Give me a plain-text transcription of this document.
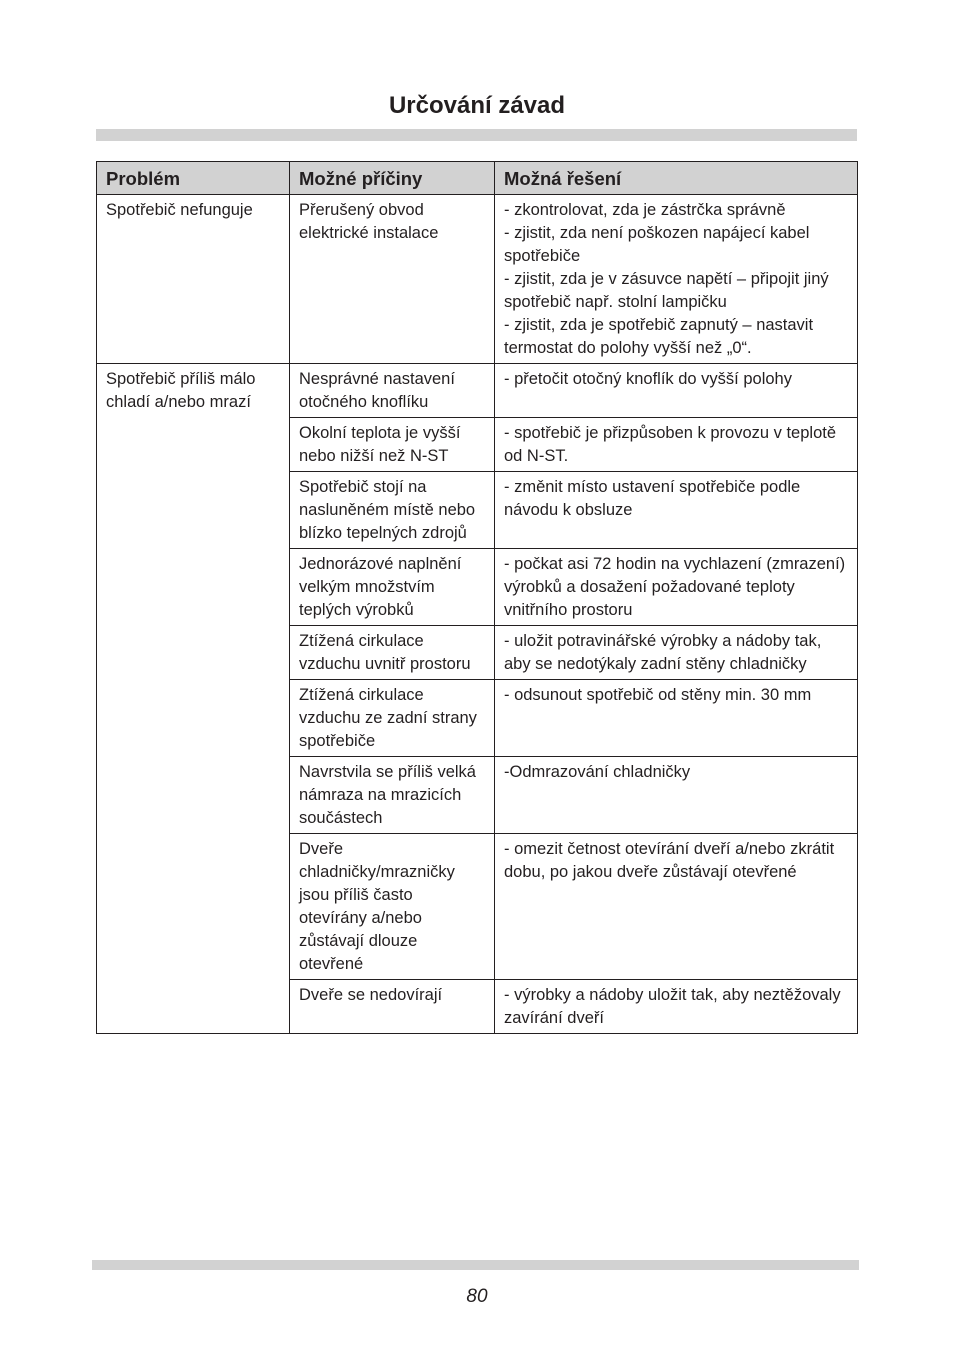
Určování závad
Problém	Možné příčiny	Možná řešení
Spotřebič nefunguje	Přerušený obvod elektrické instalace	- zkontrolovat, zda je zástrčka správně
- zjistit, zda není poškozen napájecí kabel spotřebiče
- zjistit, zda je v zásuvce napětí – připojit jiný spotřebič např. stolní lampičku
- zjistit, zda je spotřebič zapnutý – nastavit termostat do polohy vyšší než „0“.

Spotřebič příliš málo chladí a/nebo mrazí	Nesprávné nastavení otočného knoflíku	- přetočit otočný knoflík do vyšší polohy
	Okolní teplota je vyšší nebo nižší než N-ST	- spotřebič je přizpůsoben k provozu v teplotě od N-ST.
	Spotřebič stojí na nasluněném místě nebo blízko tepelných zdrojů	- změnit místo ustavení spotřebiče podle návodu k obsluze
	Jednorázové naplnění velkým množstvím teplých výrobků	- počkat asi 72 hodin na vychlazení (zmrazení) výrobků a dosažení požadované teploty vnitřního prostoru
	Ztížená cirkulace vzduchu uvnitř prostoru	- uložit potravinářské výrobky a nádoby tak, aby se nedotýkaly zadní stěny chladničky
	Ztížená cirkulace vzduchu ze zadní strany spotřebiče	- odsunout spotřebič od stěny min. 30 mm
	Navrstvila se příliš velká námraza na mrazicích součástech	-Odmrazování chladničky
	Dveře chladničky/mrazničky jsou příliš často otevírány a/nebo zůstávají dlouze otevřené	- omezit četnost otevírání dveří a/nebo zkrátit dobu, po jakou dveře zůstávají otevřené
	Dveře se nedovírají	- výrobky a nádoby uložit tak, aby neztěžovaly zavírání dveří
80
